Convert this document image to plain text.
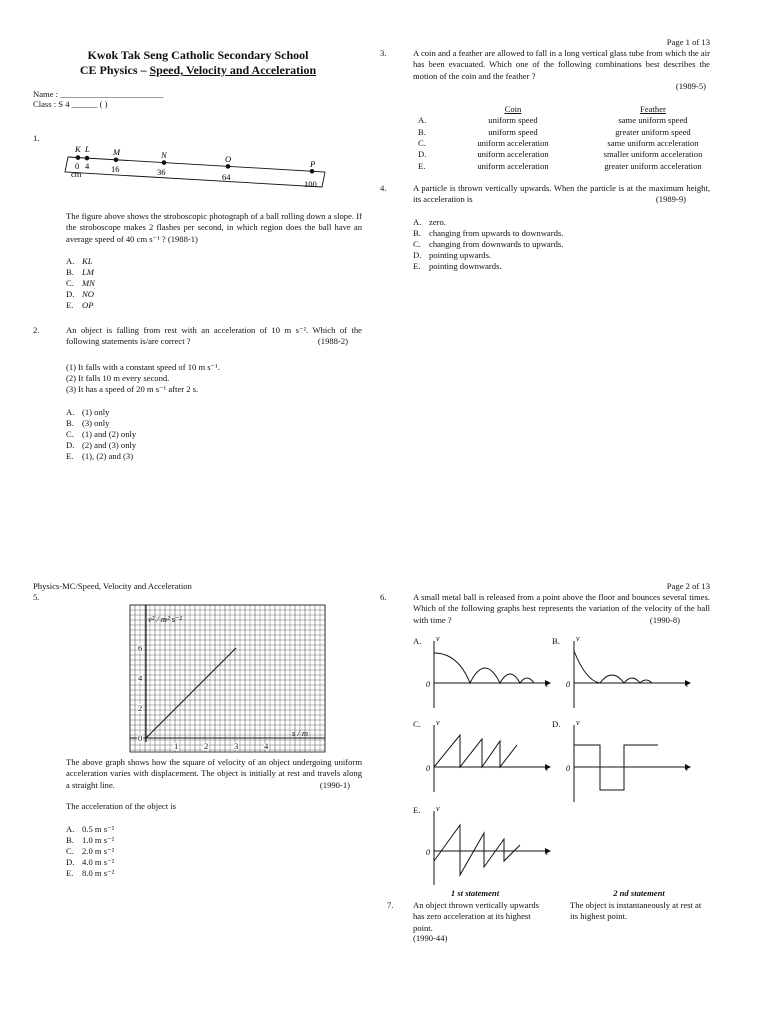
Page 1 of 13
Kwok Tak Seng Catholic Secondary School
CE Physics – Speed, Velocity and Acceleration
Name : ________________________
Class : S 4 ______ ( )
1.
K L	M	N	O	P
0 4	16	36	64
100
cm
The figure above shows the stroboscopic photograph of a ball rolling down a slope. If the stroboscope makes 2 flashes per second, in which region does the ball have an average speed of 40 cm s⁻¹ ? (1988-1)
A. KL
B. LM
C. MN
D. NO
E. OP
2.	An object is falling from rest with an acceleration of 10 m s⁻². Which of the following statements is/are correct ?	(1988-2)
(1) It falls with a constant speed of 10 m s⁻¹.
(2) It falls 10 m every second.
(3) It has a speed of 20 m s⁻¹ after 2 s.
A. (1) only
B. (3) only
C. (1) and (2) only
D. (2) and (3) only
E. (1), (2) and (3)
3.	A coin and a feather are allowed to fall in a long vertical glass tube from which the air has been evacuated. Which one of the following combinations best describes the motion of the coin and the feather ?
(1989-5)
	Coin	Feather
A.	uniform speed	same uniform speed
B.	uniform speed	greater uniform speed
C.	uniform acceleration	same uniform acceleration
D.	uniform acceleration	smaller uniform acceleration
E.	uniform acceleration	greater uniform acceleration
4.	A particle is thrown vertically upwards. When the particle is at the maximum height, its acceleration is	(1989-9)
A. zero.
B. changing from upwards to downwards.
C. changing from downwards to upwards.
D. pointing upwards.
E. pointing downwards.
Physics-MC/Speed, Velocity and Acceleration	Page 2 of 13
5.
0
2
4
6
1	2	3	4
v² / m² s⁻²
s / m
The above graph shows how the square of velocity of an object undergoing uniform acceleration varies with displacement. The object is initially at rest and travels along a straight line.	(1990-1)
The acceleration of the object is
A. 0.5 m s⁻²
B. 1.0 m s⁻²
C. 2.0 m s⁻²
D. 4.0 m s⁻²
E. 8.0 m s⁻²
6.	A small metal ball is released from a point above the floor and bounces several times. Which of the following graphs best represents the variation of the velocity of the ball with time ?	(1990-8)
A. v
0	t
B. v
0	t
C. v
0	t
D. v
0	t
E. v
0	t
1 st statement	2 nd statement
7. An object thrown vertically upwards has zero acceleration at its highest point.
(1990-44)
The object is instantaneously at rest at its highest point.
